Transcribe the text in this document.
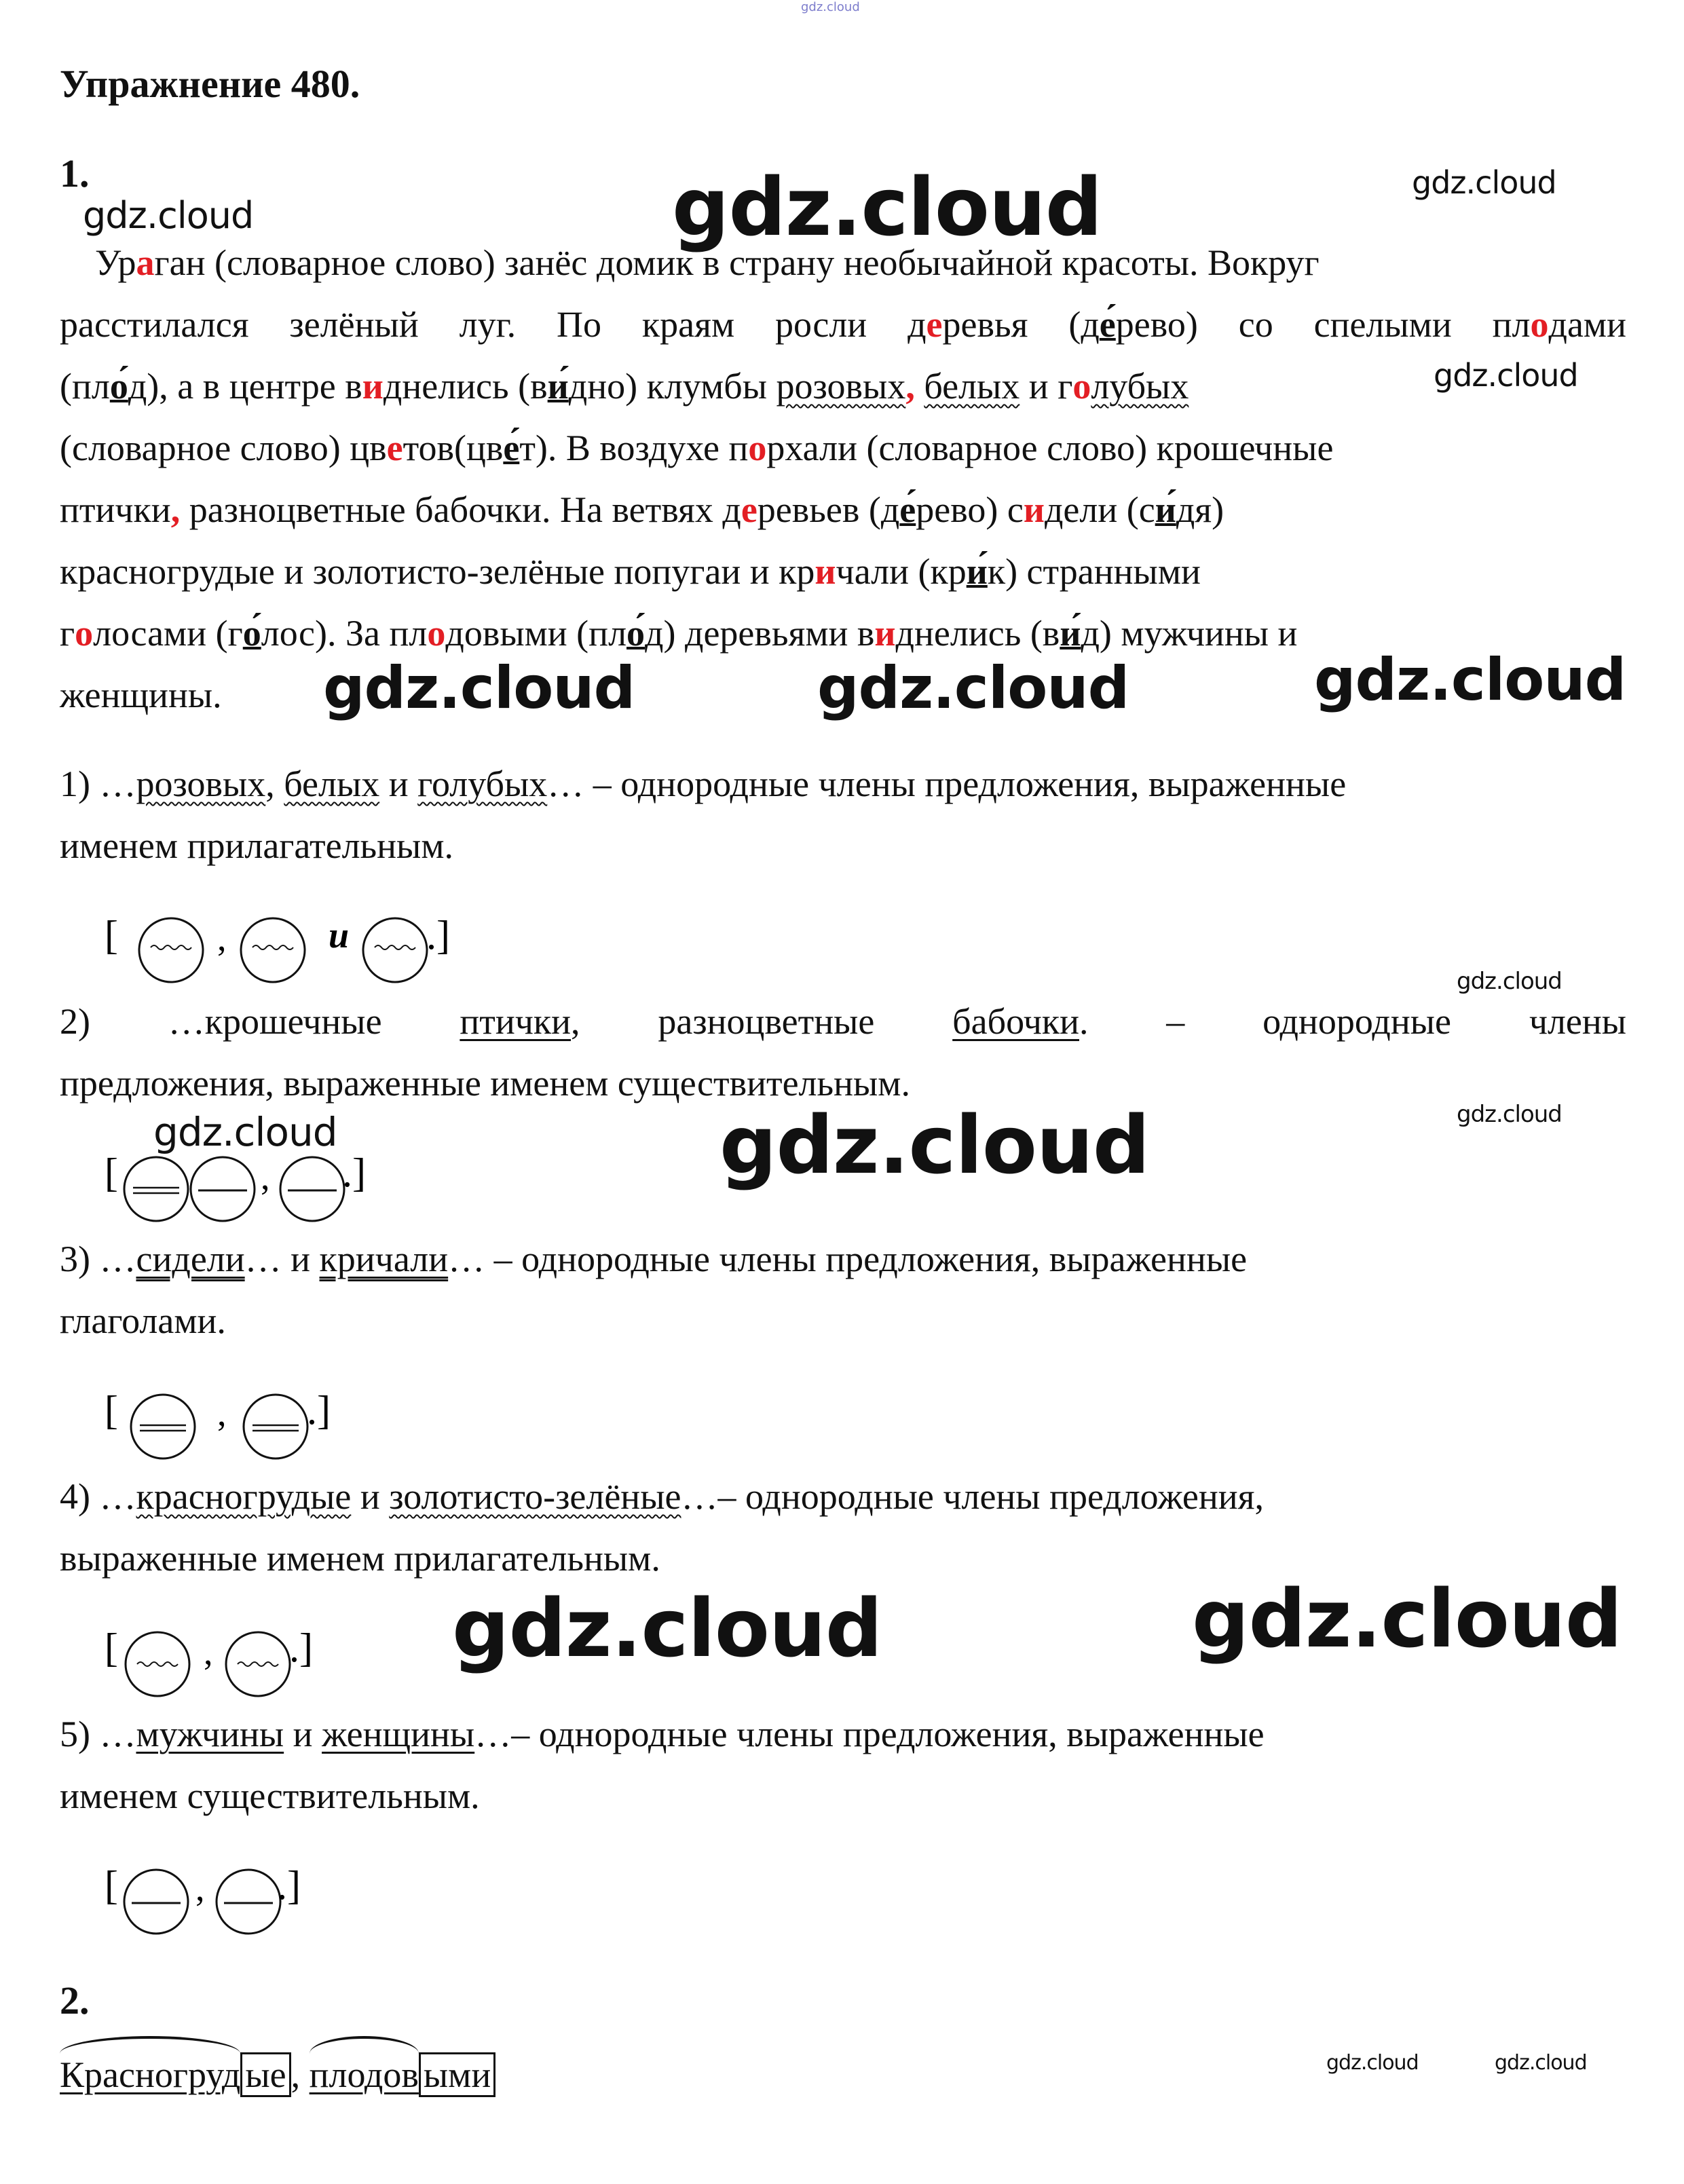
gdz.cloud
Упражнение 480.
1.
gdz.cloud	gdz.cloud	gdz.cloud
gdz.cloud
gdz.cloud	gdz.cloud	gdz.cloud
gdz.cloud
gdz.cloud
gdz.cloud	gdz.cloud
gdz.cloud	gdz.cloud
gdz.cloud	gdz.cloud
Ураган (словарное слово) занёс домик в страну необычайной красоты. Вокруг
расстилался зелёный луг. По краям росли деревья (де́рево) со спелыми плодами
(пло́д), а в центре виднелись (ви́дно) клумбы розовых, белых и голубых
(словарное слово) цветов(цве́т). В воздухе порхали (словарное слово) крошечные
птички, разноцветные бабочки. На ветвях деревьев (де́рево) сидели (си́дя)
красногрудые и золотисто-зелёные попугаи и кричали (кри́к) странными
голосами (го́лос). За плодовыми (пло́д) деревьями виднелись (ви́д) мужчины и
женщины.
1) …розовых, белых и голубых… – однородные члены предложения, выраженные
именем прилагательным.
[	,	и .]
2) …крошечные птички, разноцветные бабочки. – однородные члены
предложения, выраженные именем существительным.
[	, .]
3) …сидели… и кричали… – однородные члены предложения, выраженные
глаголами.
[	, .]
4) …красногрудые и золотисто-зелёные…– однородные члены предложения,
выраженные именем прилагательным.
[ , .]
5) …мужчины и женщины…– однородные члены предложения, выраженные
именем существительным.
[ , .]
2.
Красногруд ые , плодов ыми
